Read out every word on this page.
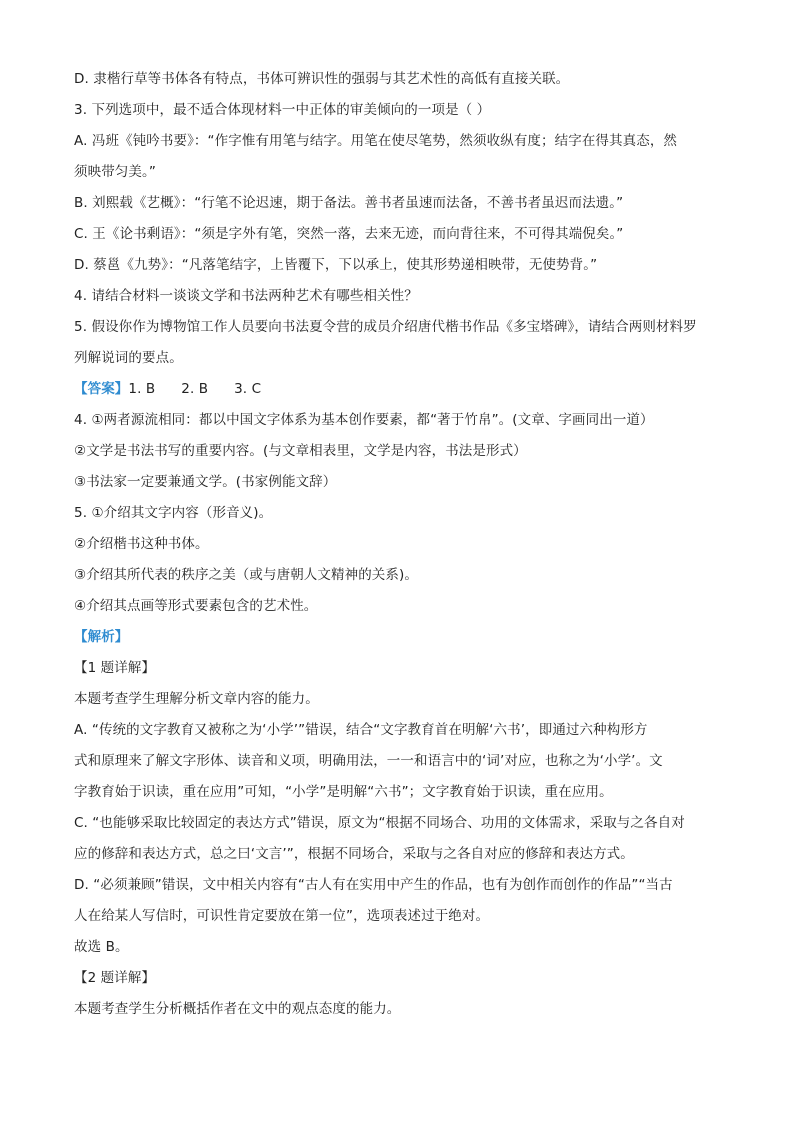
D. 隶楷行草等书体各有特点，书体可辨识性的强弱与其艺术性的高低有直接关联。
3. 下列选项中，最不适合体现材料一中正体的审美倾向的一项是（ ）
A. 冯班《钝吟书要》：“作字惟有用笔与结字。用笔在使尽笔势，然须收纵有度；结字在得其真态，然
须映带匀美。”
B. 刘熙载《艺概》：“行笔不论迟速，期于备法。善书者虽速而法备，不善书者虽迟而法遗。”
C. 王《论书剩语》：“须是字外有笔，突然一落，去来无迹，而向背往来，不可得其端倪矣。”
D. 蔡邕《九势》：“凡落笔结字，上皆覆下，下以承上，使其形势递相映带，无使势背。”
4. 请结合材料一谈谈文学和书法两种艺术有哪些相关性？
5. 假设你作为博物馆工作人员要向书法夏令营的成员介绍唐代楷书作品《多宝塔碑》，请结合两则材料罗
列解说词的要点。
【答案】1. B 2. B 3. C
4. ①两者源流相同：都以中国文字体系为基本创作要素，都“著于竹帛”。(文章、字画同出一道）
②文学是书法书写的重要内容。(与文章相表里，文学是内容，书法是形式）
③书法家一定要兼通文学。(书家例能文辞）
5. ①介绍其文字内容（形音义)。
②介绍楷书这种书体。
③介绍其所代表的秩序之美（或与唐朝人文精神的关系)。
④介绍其点画等形式要素包含的艺术性。
【解析】
【1 题详解】
本题考查学生理解分析文章内容的能力。
A. “传统的文字教育又被称之为‘小学’”错误，结合“文字教育首在明解‘六书’，即通过六种构形方
式和原理来了解文字形体、读音和义项，明确用法，一一和语言中的‘词’对应，也称之为‘小学’。文
字教育始于识读，重在应用”可知，“小学”是明解“六书”；文字教育始于识读，重在应用。
C. “也能够采取比较固定的表达方式”错误，原文为“根据不同场合、功用的文体需求，采取与之各自对
应的修辞和表达方式，总之曰‘文言’”，根据不同场合，采取与之各自对应的修辞和表达方式。
D. “必须兼顾”错误，文中相关内容有“古人有在实用中产生的作品，也有为创作而创作的作品”“当古
人在给某人写信时，可识性肯定要放在第一位”，选项表述过于绝对。
故选 B。
【2 题详解】
本题考查学生分析概括作者在文中的观点态度的能力。
